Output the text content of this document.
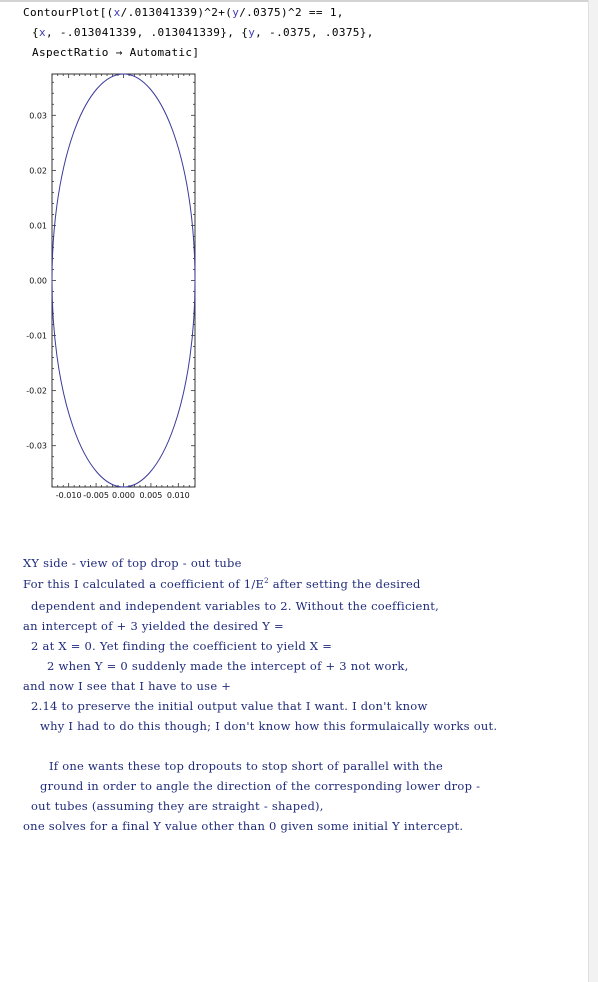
ContourPlot[(x/.013041339)^2+(y/.0375)^2 == 1,
{x, -.013041339, .013041339}, {y, -.0375, .0375},
AspectRatio → Automatic]
0.03
0.02
0.01
0.00
-0.01
-0.02
-0.03
-0.010 -0.005 0.000 0.005 0.010
XY side - view of top drop - out tube
For this I calculated a coefficient of $1/E^2$ after setting the desired
dependent and independent variables to 2. Without the coefficient,
an intercept of + 3 yielded the desired Y =
2 at X = 0. Yet finding the coefficient to yield X =
2 when Y = 0 suddenly made the intercept of + 3 not work,
and now I see that I have to use +
2.14 to preserve the initial output value that I want. I don't know
why I had to do this though; I don't know how this formulaically works out.
If one wants these top dropouts to stop short of parallel with the
ground in order to angle the direction of the corresponding lower drop -
out tubes (assuming they are straight - shaped),
one solves for a final Y value other than 0 given some initial Y intercept.
